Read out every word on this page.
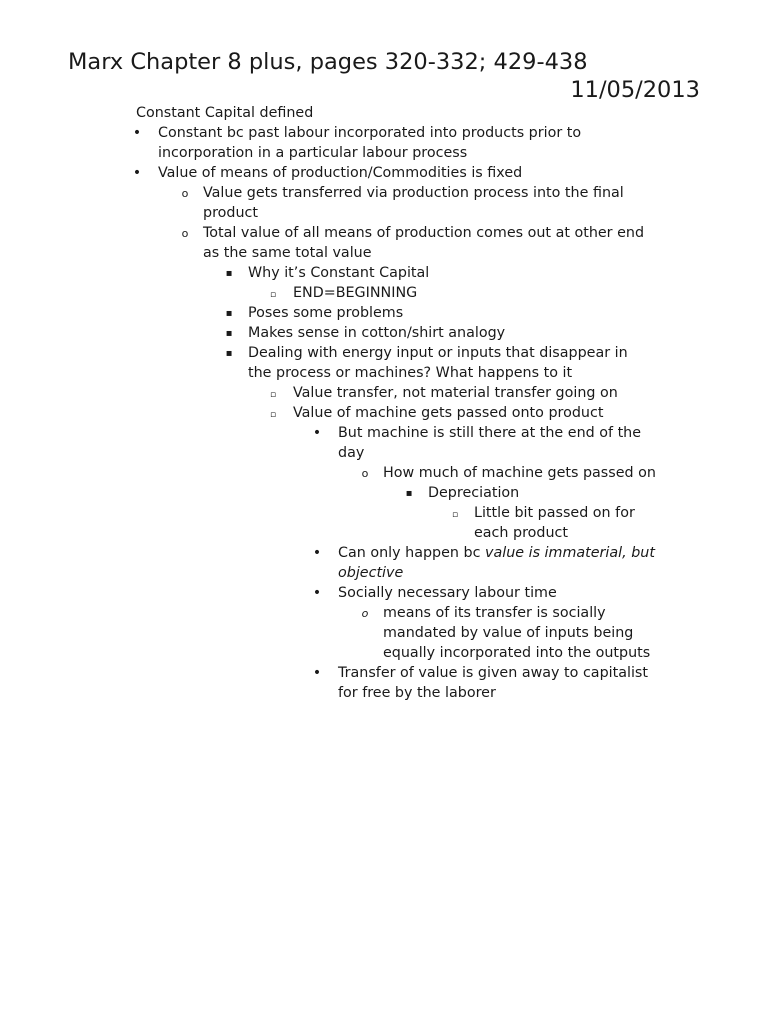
Marx Chapter 8 plus, pages 320-332; 429-438
11/05/2013
Constant Capital defined
• Constant bc past labour incorporated into products prior to
incorporation in a particular labour process
• Value of means of production/Commodities is fixed
o Value gets transferred via production process into the final
product
o Total value of all means of production comes out at other end
as the same total value
▪ Why it’s Constant Capital
▫ END=BEGINNING
▪ Poses some problems
▪ Makes sense in cotton/shirt analogy
▪ Dealing with energy input or inputs that disappear in
the process or machines? What happens to it
▫ Value transfer, not material transfer going on
▫ Value of machine gets passed onto product
• But machine is still there at the end of the
day
o How much of machine gets passed on
▪ Depreciation
▫ Little bit passed on for
each product
• Can only happen bc value is immaterial, but
objective
• Socially necessary labour time
o means of its transfer is socially
mandated by value of inputs being
equally incorporated into the outputs
• Transfer of value is given away to capitalist
for free by the laborer
